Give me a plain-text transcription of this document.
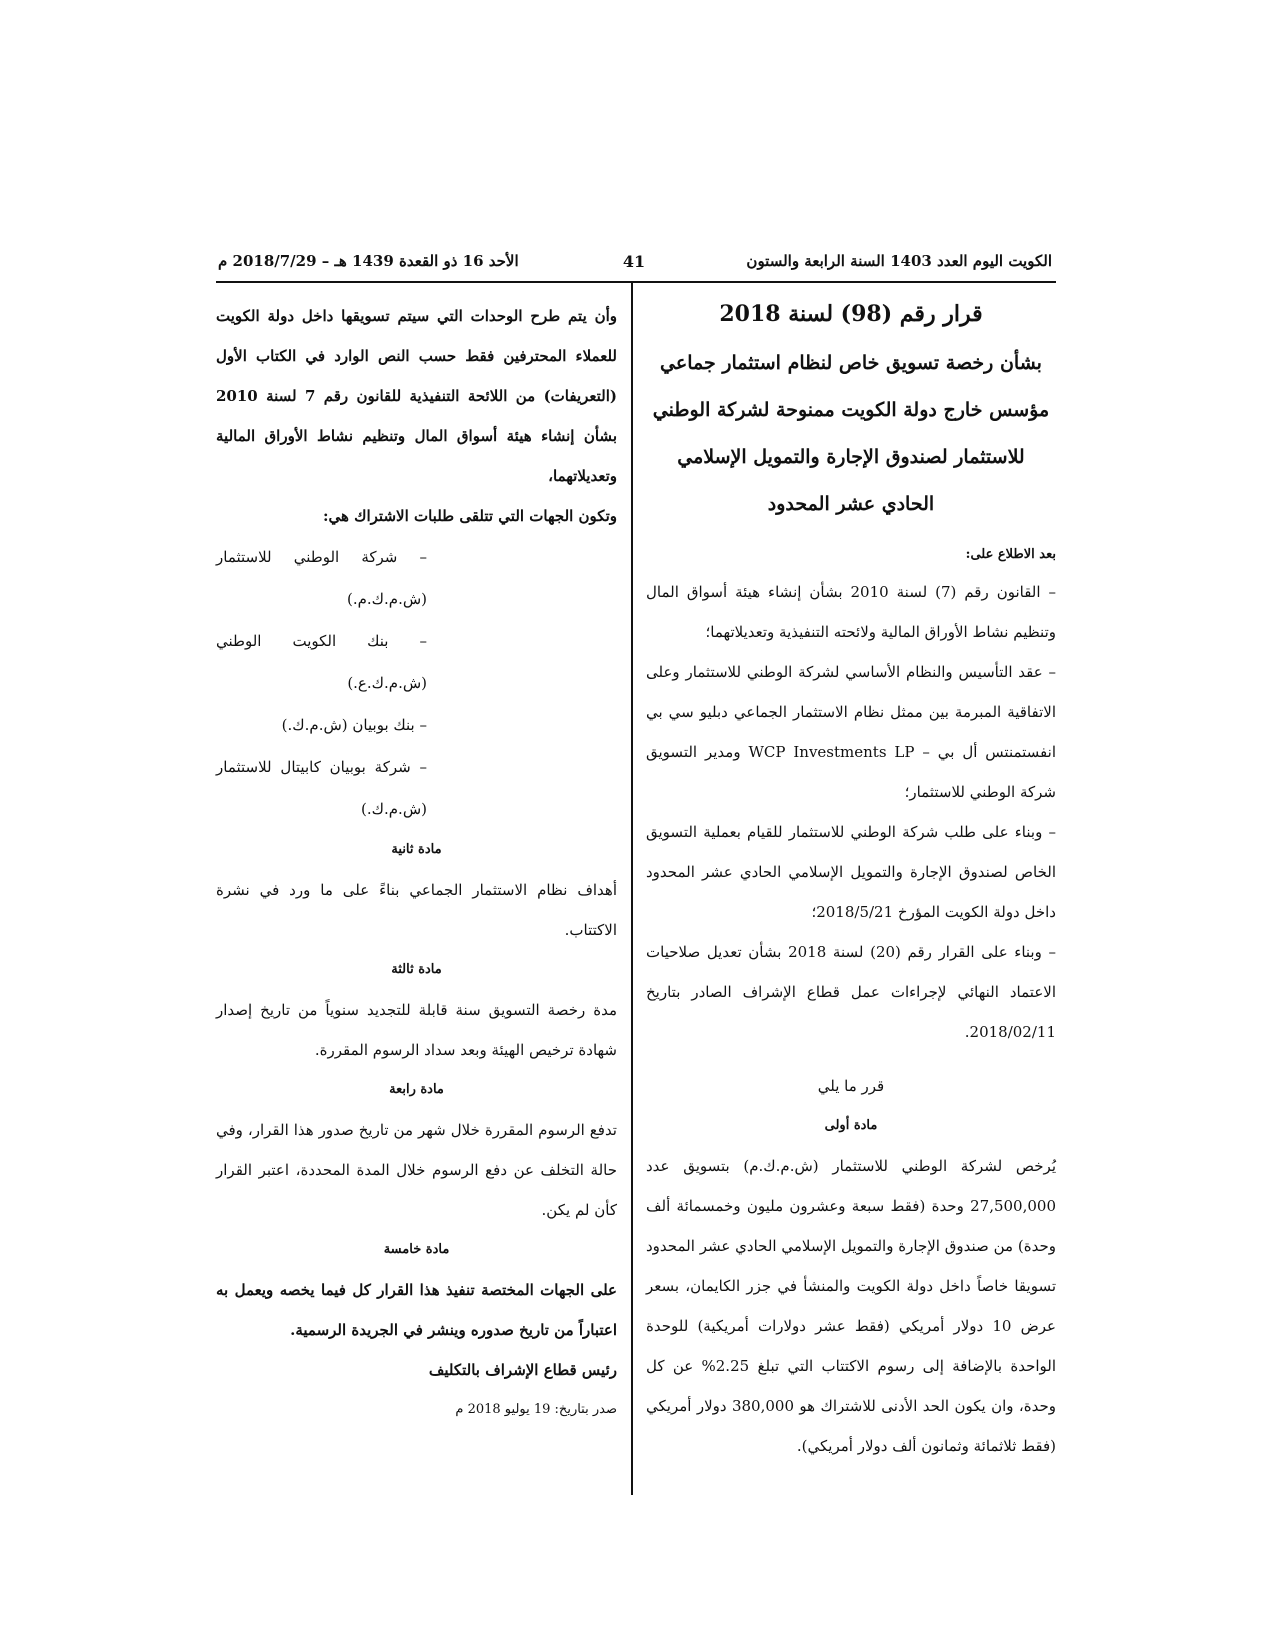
الكويت اليوم العدد 1403 السنة الرابعة والستون
41
الأحد 16 ذو القعدة 1439 هـ – 2018/7/29 م

قرار رقم (98) لسنة 2018

بشأن رخصة تسويق خاص لنظام استثمار جماعي

مؤسس خارج دولة الكويت ممنوحة لشركة الوطني

للاستثمار لصندوق الإجارة والتمويل الإسلامي

الحادي عشر المحدود

بعد الاطلاع على:

– القانون رقم (7) لسنة 2010 بشأن إنشاء هيئة أسواق المال وتنظيم نشاط الأوراق المالية ولائحته التنفيذية وتعديلاتهما؛

– عقد التأسيس والنظام الأساسي لشركة الوطني للاستثمار وعلى الاتفاقية المبرمة بين ممثل نظام الاستثمار الجماعي دبليو سي بي انفستمنتس أل بي – WCP Investments LP ومدير التسويق شركة الوطني للاستثمار؛

– وبناء على طلب شركة الوطني للاستثمار للقيام بعملية التسويق الخاص لصندوق الإجارة والتمويل الإسلامي الحادي عشر المحدود داخل دولة الكويت المؤرخ 2018/5/21؛

– وبناء على القرار رقم (20) لسنة 2018 بشأن تعديل صلاحيات الاعتماد النهائي لإجراءات عمل قطاع الإشراف الصادر بتاريخ 2018/02/11.

قرر ما يلي

مادة أولى

يُرخص لشركة الوطني للاستثمار (ش.م.ك.م) بتسويق عدد 27,500,000 وحدة (فقط سبعة وعشرون مليون وخمسمائة ألف وحدة) من صندوق الإجارة والتمويل الإسلامي الحادي عشر المحدود تسويقا خاصاً داخل دولة الكويت والمنشأ في جزر الكايمان، بسعر عرض 10 دولار أمريكي (فقط عشر دولارات أمريكية) للوحدة الواحدة بالإضافة إلى رسوم الاكتتاب التي تبلغ 2.25% عن كل وحدة، وان يكون الحد الأدنى للاشتراك هو 380,000 دولار أمريكي (فقط ثلاثمائة وثمانون ألف دولار أمريكي).

وأن يتم طرح الوحدات التي سيتم تسويقها داخل دولة الكويت للعملاء المحترفين فقط حسب النص الوارد في الكتاب الأول (التعريفات) من اللائحة التنفيذية للقانون رقم 7 لسنة 2010 بشأن إنشاء هيئة أسواق المال وتنظيم نشاط الأوراق المالية وتعديلاتهما،

وتكون الجهات التي تتلقى طلبات الاشتراك هي:

– شركة الوطني للاستثمار (ش.م.ك.م.)

– بنك الكويت الوطني (ش.م.ك.ع.)

– بنك بوبيان (ش.م.ك.)

– شركة بوبيان كابيتال للاستثمار (ش.م.ك.)

مادة ثانية

أهداف نظام الاستثمار الجماعي بناءً على ما ورد في نشرة الاكتتاب.

مادة ثالثة

مدة رخصة التسويق سنة قابلة للتجديد سنوياً من تاريخ إصدار شهادة ترخيص الهيئة وبعد سداد الرسوم المقررة.

مادة رابعة

تدفع الرسوم المقررة خلال شهر من تاريخ صدور هذا القرار، وفي حالة التخلف عن دفع الرسوم خلال المدة المحددة، اعتبر القرار كأن لم يكن.

مادة خامسة

على الجهات المختصة تنفيذ هذا القرار كل فيما يخصه ويعمل به اعتباراً من تاريخ صدوره وينشر في الجريدة الرسمية.

رئيس قطاع الإشراف بالتكليف

صدر بتاريخ: 19 يوليو 2018 م
